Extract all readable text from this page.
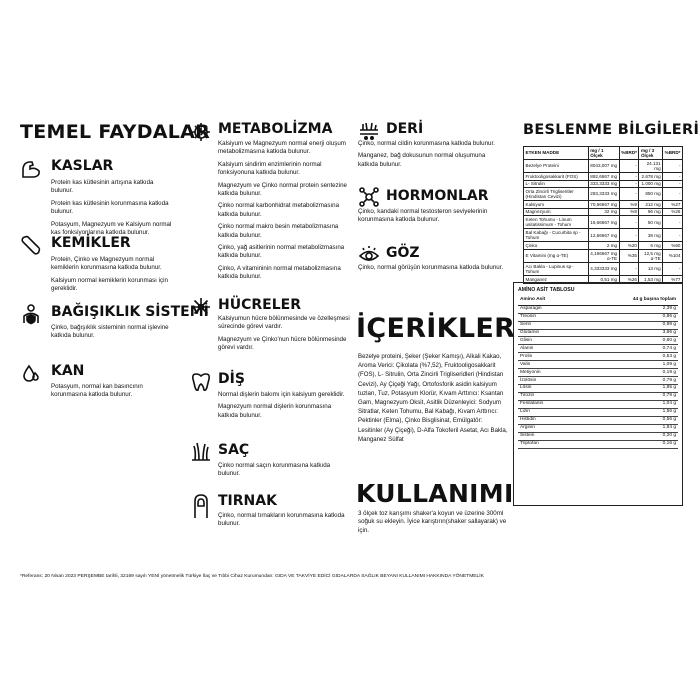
TEMEL FAYDALAR
KASLAR

Protein kas kütlesinin artışına katkıda bulunur.

Protein kas kütlesinin korunmasına katkıda bulunur.

Potasyum, Magnezyum ve Kalsiyum normal kas fonksiyonlarına katkıda bulunur.

KEMİKLER

Protein, Çinko ve Magnezyum normal kemiklerin korunmasına katkıda bulunur.

Kalsiyum normal kemiklerin korunması için gereklidir.

BAĞIŞIKLIK SİSTEMİ

Çinko, bağışıklık sisteminin normal işlevine katkıda bulunur.

KAN

Potasyum, normal kan basıncının korunmasına katkıda bulunur.

METABOLİZMA

Kalsiyum ve Magnezyum normal enerji oluşum metabolizmasına katkıda bulunur.

Kalsiyum sindirim enzimlerinin normal fonksiyonuna katkıda bulunur.

Magnezyum ve Çinko normal protein sentezine katkıda bulunur.

Çinko normal karbonhidrat metabolizmasına katkıda bulunur.

Çinko normal makro besin metabolizmasına katkıda bulunur.

Çinko, yağ asitlerinin normal metabolizmasına katkıda bulunur.

Çinko, A vitamininin normal metabolizmasına katkıda bulunur.

HÜCRELER

Kalsiyumun hücre bölünmesinde ve özelleşmesi sürecinde görevi vardır.

Magnezyum ve Çinko'nun hücre bölünmesinde görevi vardır.

DİŞ

Normal dişlerin bakımı için kalsiyum gereklidir.

Magnezyum normal dişlerin korunmasına katkıda bulunur.

SAÇ

Çinko normal saçın korunmasına katkıda bulunur.

TIRNAK

Çinko, normal tırnakların korunmasına katkıda bulunur.

DERİ

Çinko, normal cildin korunmasına katkıda bulunur.

Manganez, bağ dokusunun normal oluşumuna katkıda bulunur.

HORMONLAR

Çinko, kandaki normal testosteron seviyelerinin korunmasına katkıda bulunur.

GÖZ

Çinko, normal görüşün korunmasına katkıda bulunur.

İÇERİKLER
Bezelye proteini, Şeker (Şeker Kamışı), Alkali Kakao, Aroma Verici: Çikolata (%7,52), Fruktooligosakkarit (FOS), L- Sitrulin, Orta Zincirli Trigliseridleri (Hindistan Cevizi), Ay Çiçeği Yağı, Ortofosforik asidin kalsiyum tuzları, Tuz, Potasyum Klorür, Kıvam Arttırıcı: Ksantan Gam, Magnezyum Oksit, Asitlik Düzenleyici: Sodyum Sitratlar, Keten Tohumu, Bal Kabağı, Kıvam Arttırıcı: Pektinler (Elma), Çinko Bisglisinat, Emülgatör: Lesitinler (Ay Çiçeği), D-Alfa Tokoferil Asetat, Acı Bakla, Manganez Sülfat
KULLANIMI
3 ölçek toz karışımı shaker'a koyun ve üzerine 300ml soğuk su ekleyin. İyice karıştırın(shaker sallayarak) ve için.
BESLENME BİLGİLERİ
ETKEN MADDE	mg / 1 Ölçek	%BRD*	mg / 3 Ölçek	%BRD*
Bezelye Proteini	8043,007 mg	-	24.131 mg	-
Fruktooligosakkarit (FOS)	892,6667 mg	-	2.678 mg	-
L- Sitrulin	333,3333 mg	-	1.000 mg	-
Orta Zincirli Trigliseritler (Hindistan Cevizi)	283,3333 mg	-	850 mg	-
Kalsiyum	70,66667 mg	%9	212 mg	%27
Magnezyum	32 mg	%9	96 mg	%26
Keten Tohumu - Linum usitatissimum - Tohum	16,66667 mg	-	50 mg	-
Bal Kabağı - Cucurbita sp - Tohum	12,66667 mg	-	38 mg	-
Çinko	2 mg	%20	6 mg	%60
E Vitamini (mg α-TE)	4,166667 mg α-TE	%35	12,5 mg α-TE	%104
Acı Bakla - Lupinus sp- Tohum	4,333333 mg	-	13 mg	-
Manganez	0,51 mg	%26	1,53 mg	%77
AMİNO ASİT TABLOSU
Amino Asit	44 g başına toplam
Asparagin	2,39 g
Treonin	0,86 g
Serin	0,98 g
Glutamin	3,86 g
Glisin	0,60 g
Alanin	0,74 g
Prolin	0,53 g
Valin	1,09 g
Metiyonin	0,19 g
İzolösin	0,79 g
Lösin	1,85 g
Tirozin	0,79 g
Fenilalanin	1,04 g
Lizin	1,56 g
Histidin	0,56 g
Arginin	1,84 g
Sistein	0,20 g
Triptofan	0,16 g
*Referans: 20 Nisan 2023 PERŞEMBE tarihli, 32169 sayılı YENİ yönetmelik Türkiye İlaç ve Tıbbi Cihaz Kurumundan: GIDA VE TAKVİYE EDİCİ GIDALARDA SAĞLIK BEYANI KULLANIMI HAKKINDA YÖNETMELİK
